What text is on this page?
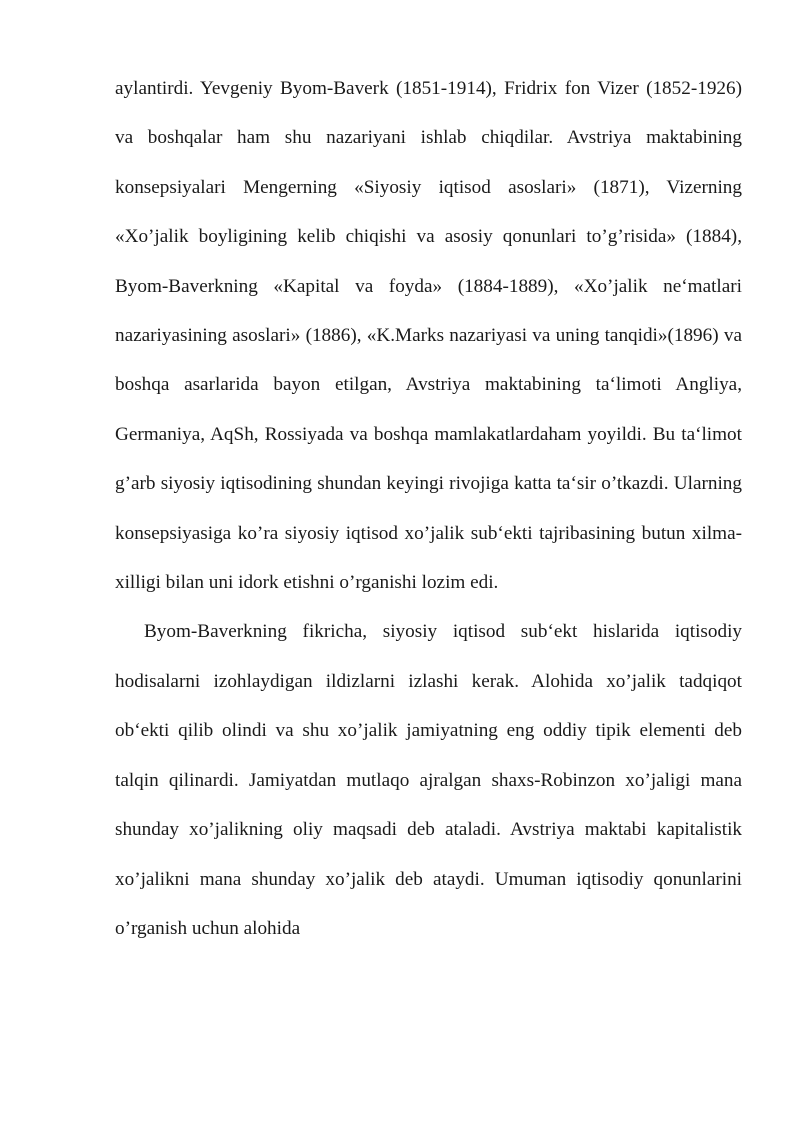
aylantirdi. Yevgeniy Byom-Baverk (1851-1914), Fridrix fon Vizer (1852-1926) va boshqalar ham shu nazariyani ishlab chiqdilar. Avstriya maktabining konsepsiyalari Mengerning «Siyosiy iqtisod asoslari» (1871), Vizerning «Xo’jalik boyligining kelib chiqishi va asosiy qonunlari to’g’risida» (1884), Byom-Baverkning «Kapital va foyda» (1884-1889), «Xo’jalik ne‘matlari nazariyasining asoslari» (1886), «K.Marks nazariyasi va uning tanqidi»(1896) va boshqa asarlarida bayon etilgan, Avstriya maktabining ta‘limoti Angliya, Germaniya, AqSh, Rossiyada va boshqa mamlakatlardaham yoyildi. Bu ta‘limot g’arb siyosiy iqtisodining shundan keyingi rivojiga katta ta‘sir o’tkazdi. Ularning konsepsiyasiga ko’ra siyosiy iqtisod xo’jalik sub‘ekti tajribasining butun xilma-xilligi bilan uni idork etishni o’rganishi lozim edi.

Byom-Baverkning fikricha, siyosiy iqtisod sub‘ekt hislarida iqtisodiy hodisalarni izohlaydigan ildizlarni izlashi kerak. Alohida xo’jalik tadqiqot ob‘ekti qilib olindi va shu xo’jalik jamiyatning eng oddiy tipik elementi deb talqin qilinardi. Jamiyatdan mutlaqo ajralgan shaxs-Robinzon xo’jaligi mana shunday xo’jalikning oliy maqsadi deb ataladi. Avstriya maktabi kapitalistik xo’jalikni mana shunday xo’jalik deb ataydi. Umuman iqtisodiy qonunlarini o’rganish uchun alohida
